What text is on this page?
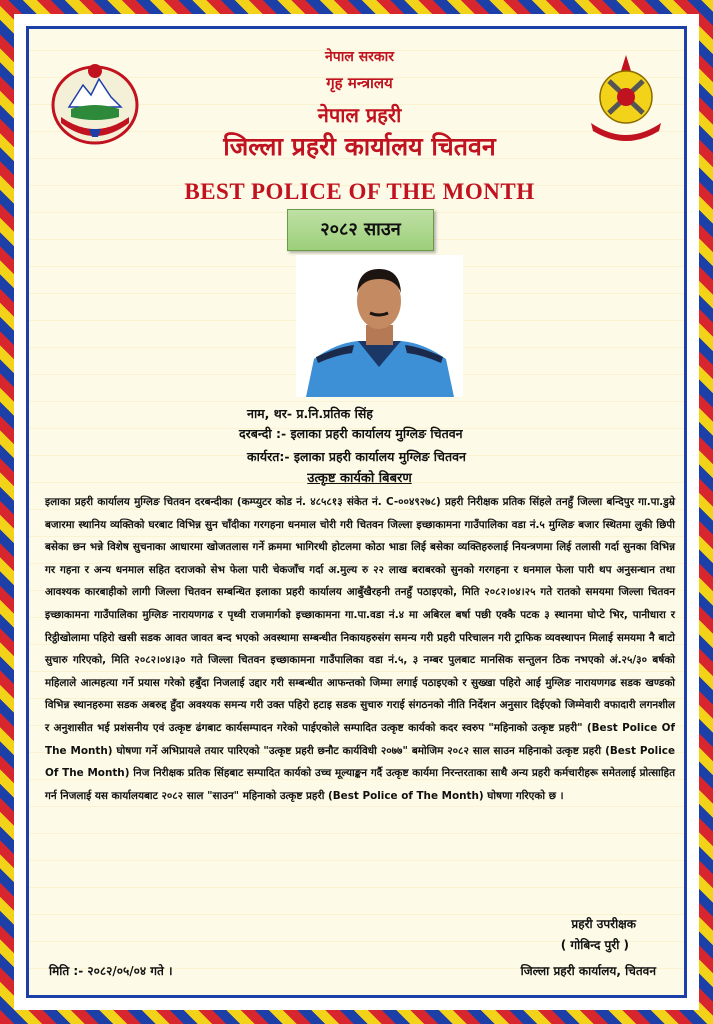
नेपाल सरकार
गृह मन्त्रालय
नेपाल प्रहरी
जिल्ला प्रहरी कार्यालय चितवन
BEST POLICE OF THE MONTH
२०८२ साउन
नाम, थर- प्र.नि.प्रतिक सिंह
दरबन्दी :- इलाका प्रहरी कार्यालय मुग्लिङ चितवन
कार्यरत:- इलाका प्रहरी कार्यालय मुग्लिङ चितवन
उत्कृष्ट कार्यको बिबरण
इलाका प्रहरी कार्यालय मुग्लिङ चितवन दरबन्दीका (कम्प्युटर कोड नं. ४८५८१३ संकेत नं. C-००४९२७८) प्रहरी निरीक्षक प्रतिक सिंहले तनहुँ जिल्ला बन्दिपुर गा.पा.डुम्रे बजारमा स्थानिय व्यक्तिको घरबाट विभिन्न सुन चाँदीका गरगहना धनमाल चोरी गरी चितवन जिल्ला इच्छाकामना गाउँपालिका वडा नं.५ मुग्लिङ बजार स्थितमा लुकी छिपी बसेका छन भन्ने विशेष सुचनाका आधारमा खोजतलास गर्ने क्रममा भागिरथी होटलमा कोठा भाडा लिई बसेका व्यक्तिहरुलाई नियन्त्रणमा लिई तलासी गर्दा सुनका विभिन्न गर गहना र अन्य धनमाल सहित दराजको सेभ फेला पारी चेकजाँच गर्दा अ.मुल्य रु २२ लाख बराबरको सुनको गरगहना र धनमाल फेला पारी थप अनुसन्धान तथा आवश्यक कारबाहीको लागी जिल्ला चितवन सम्बन्धित इलाका प्रहरी कार्यालय आबुँखैरहनी तनहुँ पठाइएको, मिति २०८२।०४।२५ गते रातको समयमा जिल्ला चितवन इच्छाकामना गाउँपालिका मुग्लिङ नारायणगढ र पृथ्वी राजमार्गको इच्छाकामना गा.पा.वडा नं.४ मा अबिरल बर्षा पछी एक्कै पटक ३ स्थानमा घोप्टे भिर, पानीधारा र रिट्ठीखोलामा पहिरो खसी सडक आवत जावत बन्द भएको अवस्थामा सम्बन्धीत निकायहरुसंग समन्य गरी प्रहरी परिचालन गरी ट्राफिक व्यवस्थापन मिलाई समयमा नै बाटो सुचारु गरिएको, मिति २०८२।०४।३० गते जिल्ला चितवन इच्छाकामना गाउँपालिका वडा नं.५, ३ नम्बर पुलबाट मानसिक सन्तुलन ठिक नभएको अं.२५/३० बर्षको महिलाले आत्महत्या गर्ने प्रयास गरेको हबुँदा निजलाई उद्दार गरी सम्बन्धीत आफन्तको जिम्मा लगाई पठाइएको र सुख्खा पहिरो आई मुग्लिङ नारायणगढ सडक खण्डको विभिन्न स्थानहरुमा सडक अबरुद्द हुँदा अवश्यक समन्य गरी उक्त पहिरो हटाइ सडक सुचारु गराई संगठनको नीति निर्देशन अनुसार दिईएको जिम्मेवारी वफादारी लगनशील र अनुशासीत भई प्रशंसनीय एवं उत्कृष्ट ढंगबाट कार्यसम्पादन गरेको पाईएकोले सम्पादित उत्कृष्ट कार्यको कदर स्वरुप "महिनाको उत्कृष्ट प्रहरी" (Best Police Of The Month) घोषणा गर्ने अभिप्रायले तयार पारिएको "उत्कृष्ट प्रहरी छनौट कार्यविधी २०७७" बमोजिम २०८२ साल साउन महिनाको उत्कृष्ट प्रहरी (Best Police Of The Month) निज निरीक्षक प्रतिक सिंहबाट सम्पादित कार्यको उच्च मूल्याङ्कन गर्दै उत्कृष्ट कार्यमा निरन्तरताका साथै अन्य प्रहरी कर्मचारीहरू समेतलाई प्रोत्साहित गर्न निजलाई यस कार्यालयबाट २०८२ साल "साउन" महिनाको उत्कृष्ट प्रहरी (Best Police of The Month) घोषणा गरिएको छ ।
प्रहरी उपरीक्षक
( गोबिन्द पुरी )
जिल्ला प्रहरी कार्यालय, चितवन
मिति :- २०८२/०५/०४ गते ।
